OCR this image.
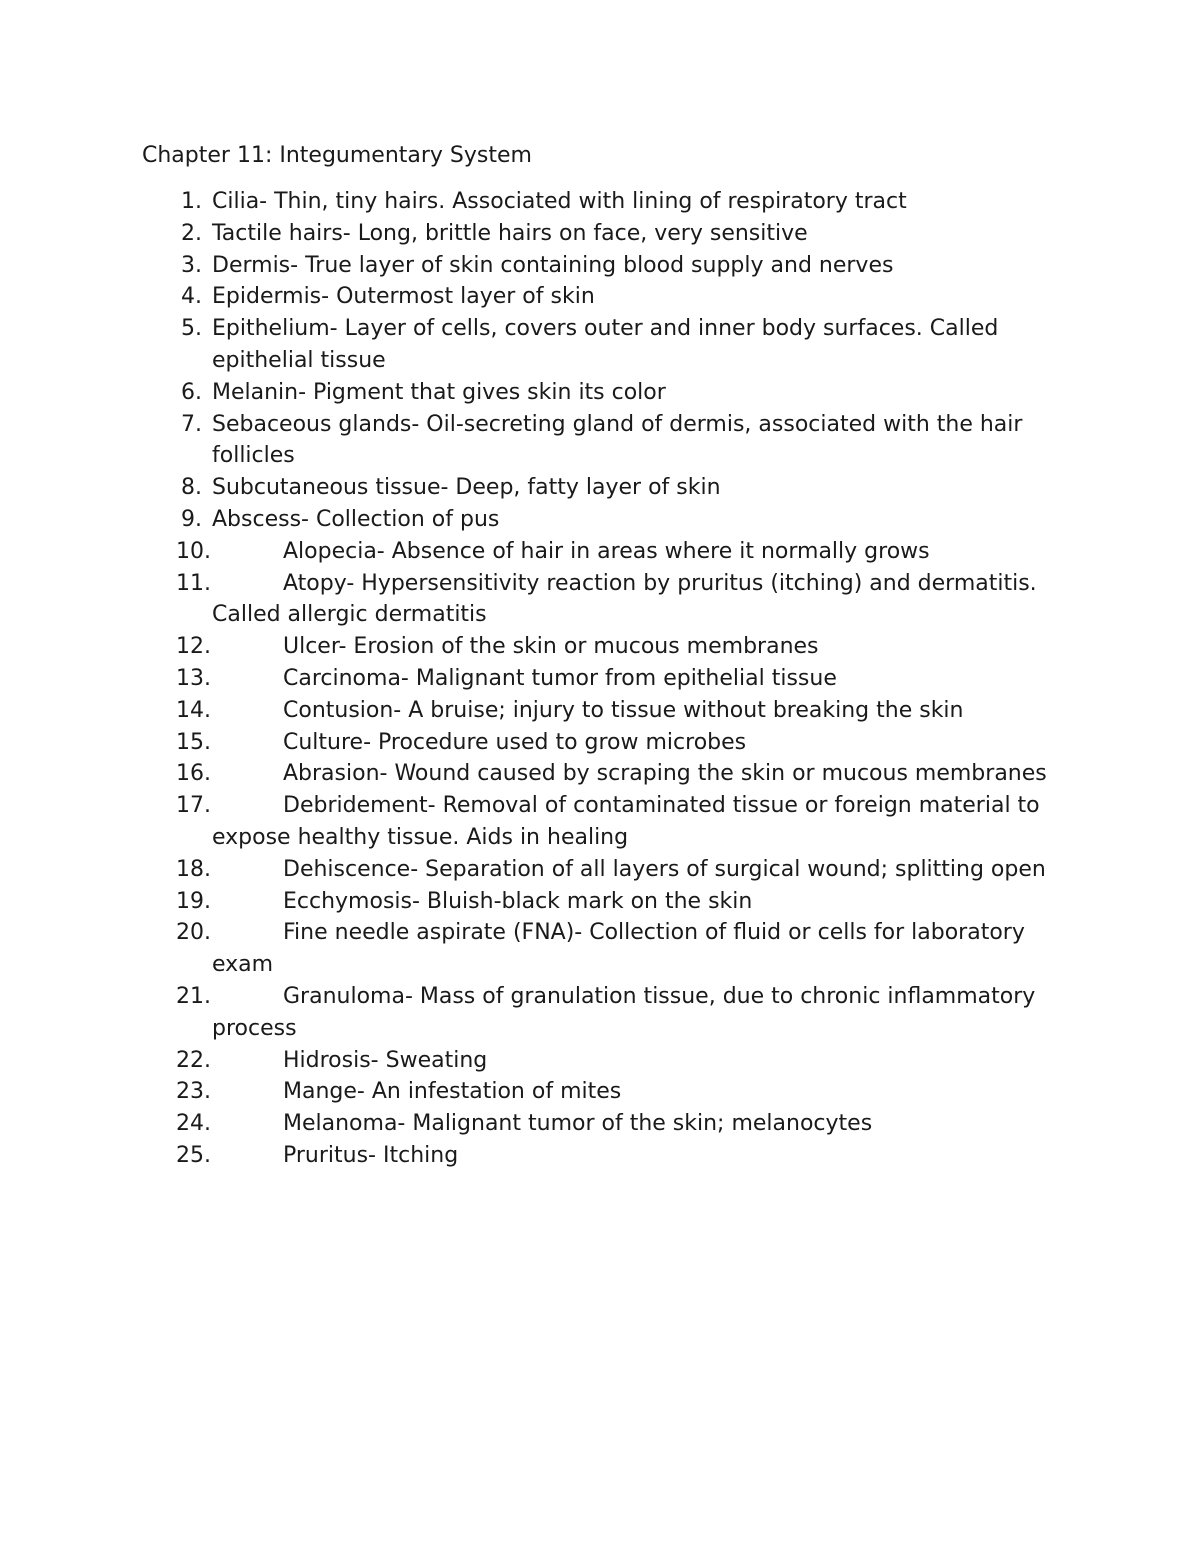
Chapter 11: Integumentary System
1. Cilia- Thin, tiny hairs. Associated with lining of respiratory tract
2. Tactile hairs- Long, brittle hairs on face, very sensitive
3. Dermis- True layer of skin containing blood supply and nerves
4. Epidermis- Outermost layer of skin
5. Epithelium- Layer of cells, covers outer and inner body surfaces. Called epithelial tissue
6. Melanin- Pigment that gives skin its color
7. Sebaceous glands- Oil-secreting gland of dermis, associated with the hair follicles
8. Subcutaneous tissue- Deep, fatty layer of skin
9. Abscess- Collection of pus
10.	Alopecia- Absence of hair in areas where it normally grows
11.	Atopy- Hypersensitivity reaction by pruritus (itching) and dermatitis. Called allergic dermatitis
12.	Ulcer- Erosion of the skin or mucous membranes
13.	Carcinoma- Malignant tumor from epithelial tissue
14.	Contusion- A bruise; injury to tissue without breaking the skin
15.	Culture- Procedure used to grow microbes
16.	Abrasion- Wound caused by scraping the skin or mucous membranes
17.	Debridement- Removal of contaminated tissue or foreign material to expose healthy tissue. Aids in healing
18.	Dehiscence- Separation of all layers of surgical wound; splitting open
19.	Ecchymosis- Bluish-black mark on the skin
20.	Fine needle aspirate (FNA)- Collection of fluid or cells for laboratory exam
21.	Granuloma- Mass of granulation tissue, due to chronic inflammatory process
22.	Hidrosis- Sweating
23.	Mange- An infestation of mites
24.	Melanoma- Malignant tumor of the skin; melanocytes
25.	Pruritus- Itching
